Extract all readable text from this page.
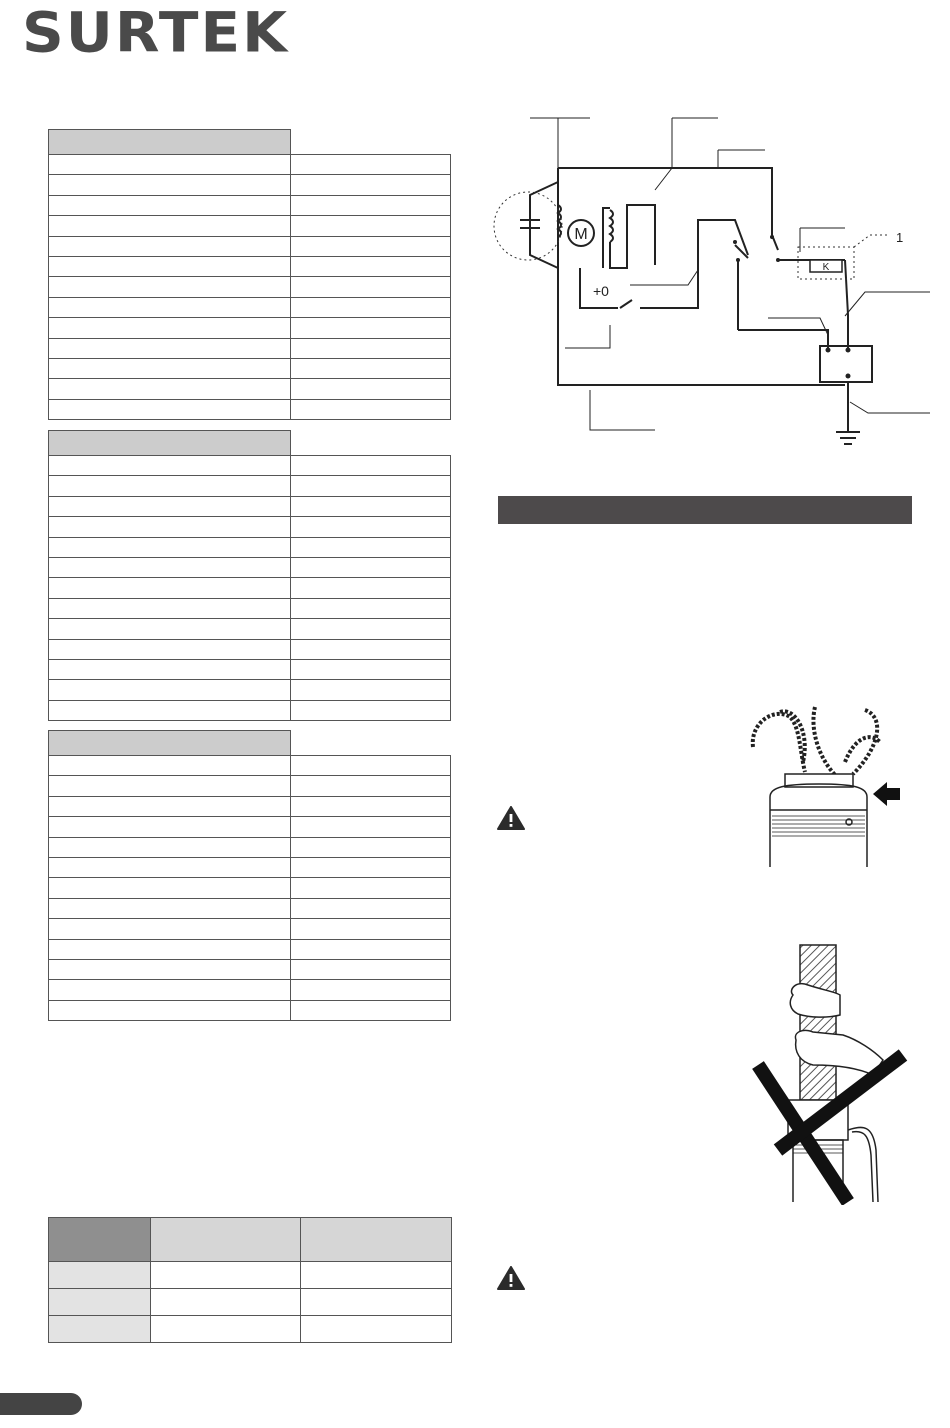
SURTEK

M
K
1
+0
